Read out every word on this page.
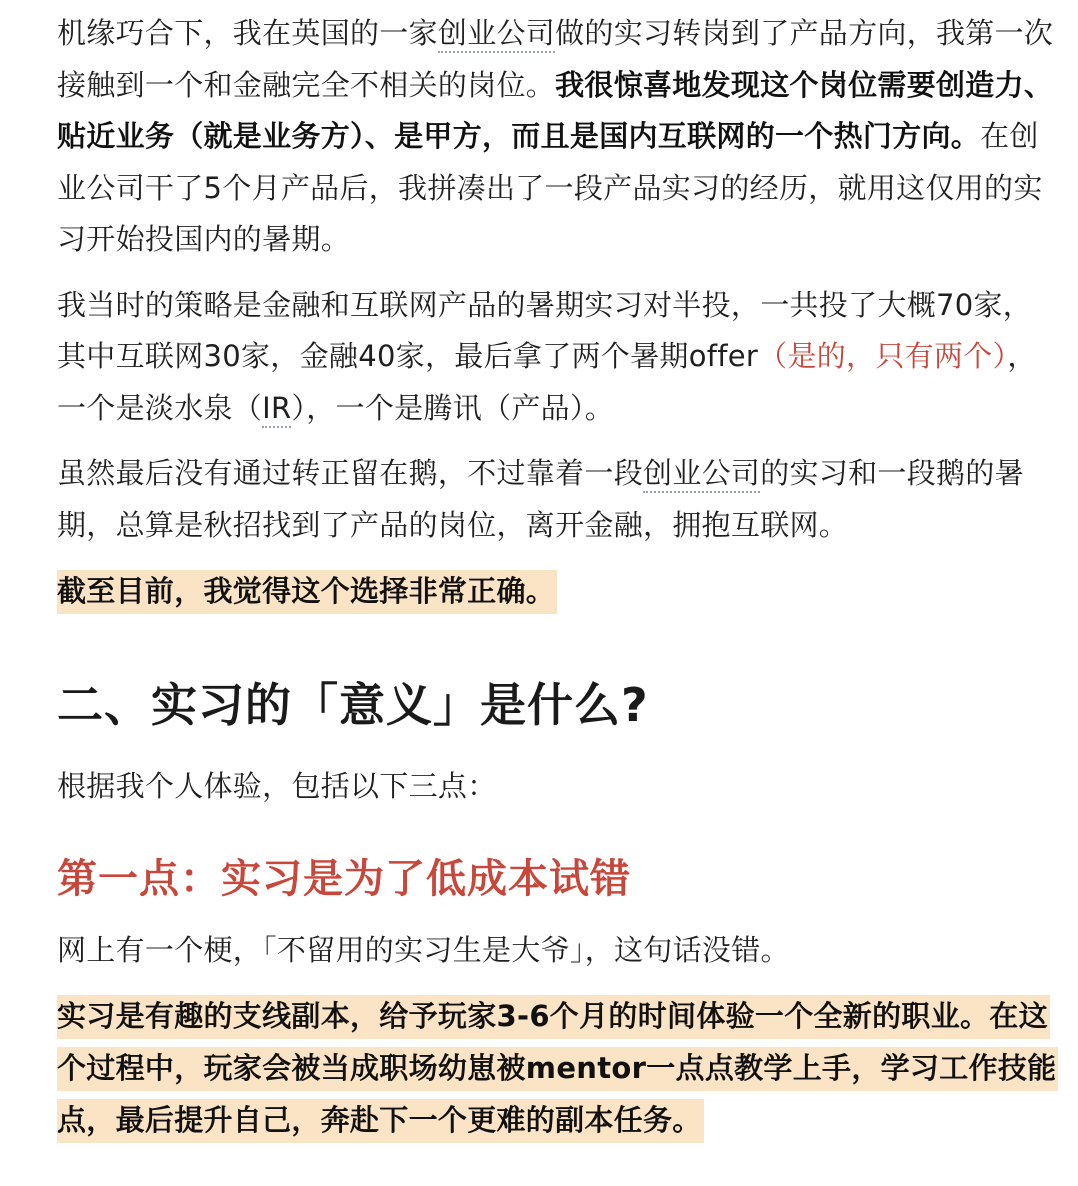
机缘巧合下，我在英国的一家创业公司做的实习转岗到了产品方向，我第一次接触到一个和金融完全不相关的岗位。我很惊喜地发现这个岗位需要创造力、贴近业务（就是业务方）、是甲方，而且是国内互联网的一个热门方向。在创业公司干了5个月产品后，我拼凑出了一段产品实习的经历，就用这仅用的实习开始投国内的暑期。

我当时的策略是金融和互联网产品的暑期实习对半投，一共投了大概70家，其中互联网30家，金融40家，最后拿了两个暑期offer（是的，只有两个），一个是淡水泉（IR），一个是腾讯（产品）。

虽然最后没有通过转正留在鹅，不过靠着一段创业公司的实习和一段鹅的暑期，总算是秋招找到了产品的岗位，离开金融，拥抱互联网。

截至目前，我觉得这个选择非常正确。

二、实习的「意义」是什么?

根据我个人体验，包括以下三点：

第一点：实习是为了低成本试错

网上有一个梗，「不留用的实习生是大爷」，这句话没错。

实习是有趣的支线副本，给予玩家3-6个月的时间体验一个全新的职业。在这个过程中，玩家会被当成职场幼崽被mentor一点点教学上手，学习工作技能点，最后提升自己，奔赴下一个更难的副本任务。
